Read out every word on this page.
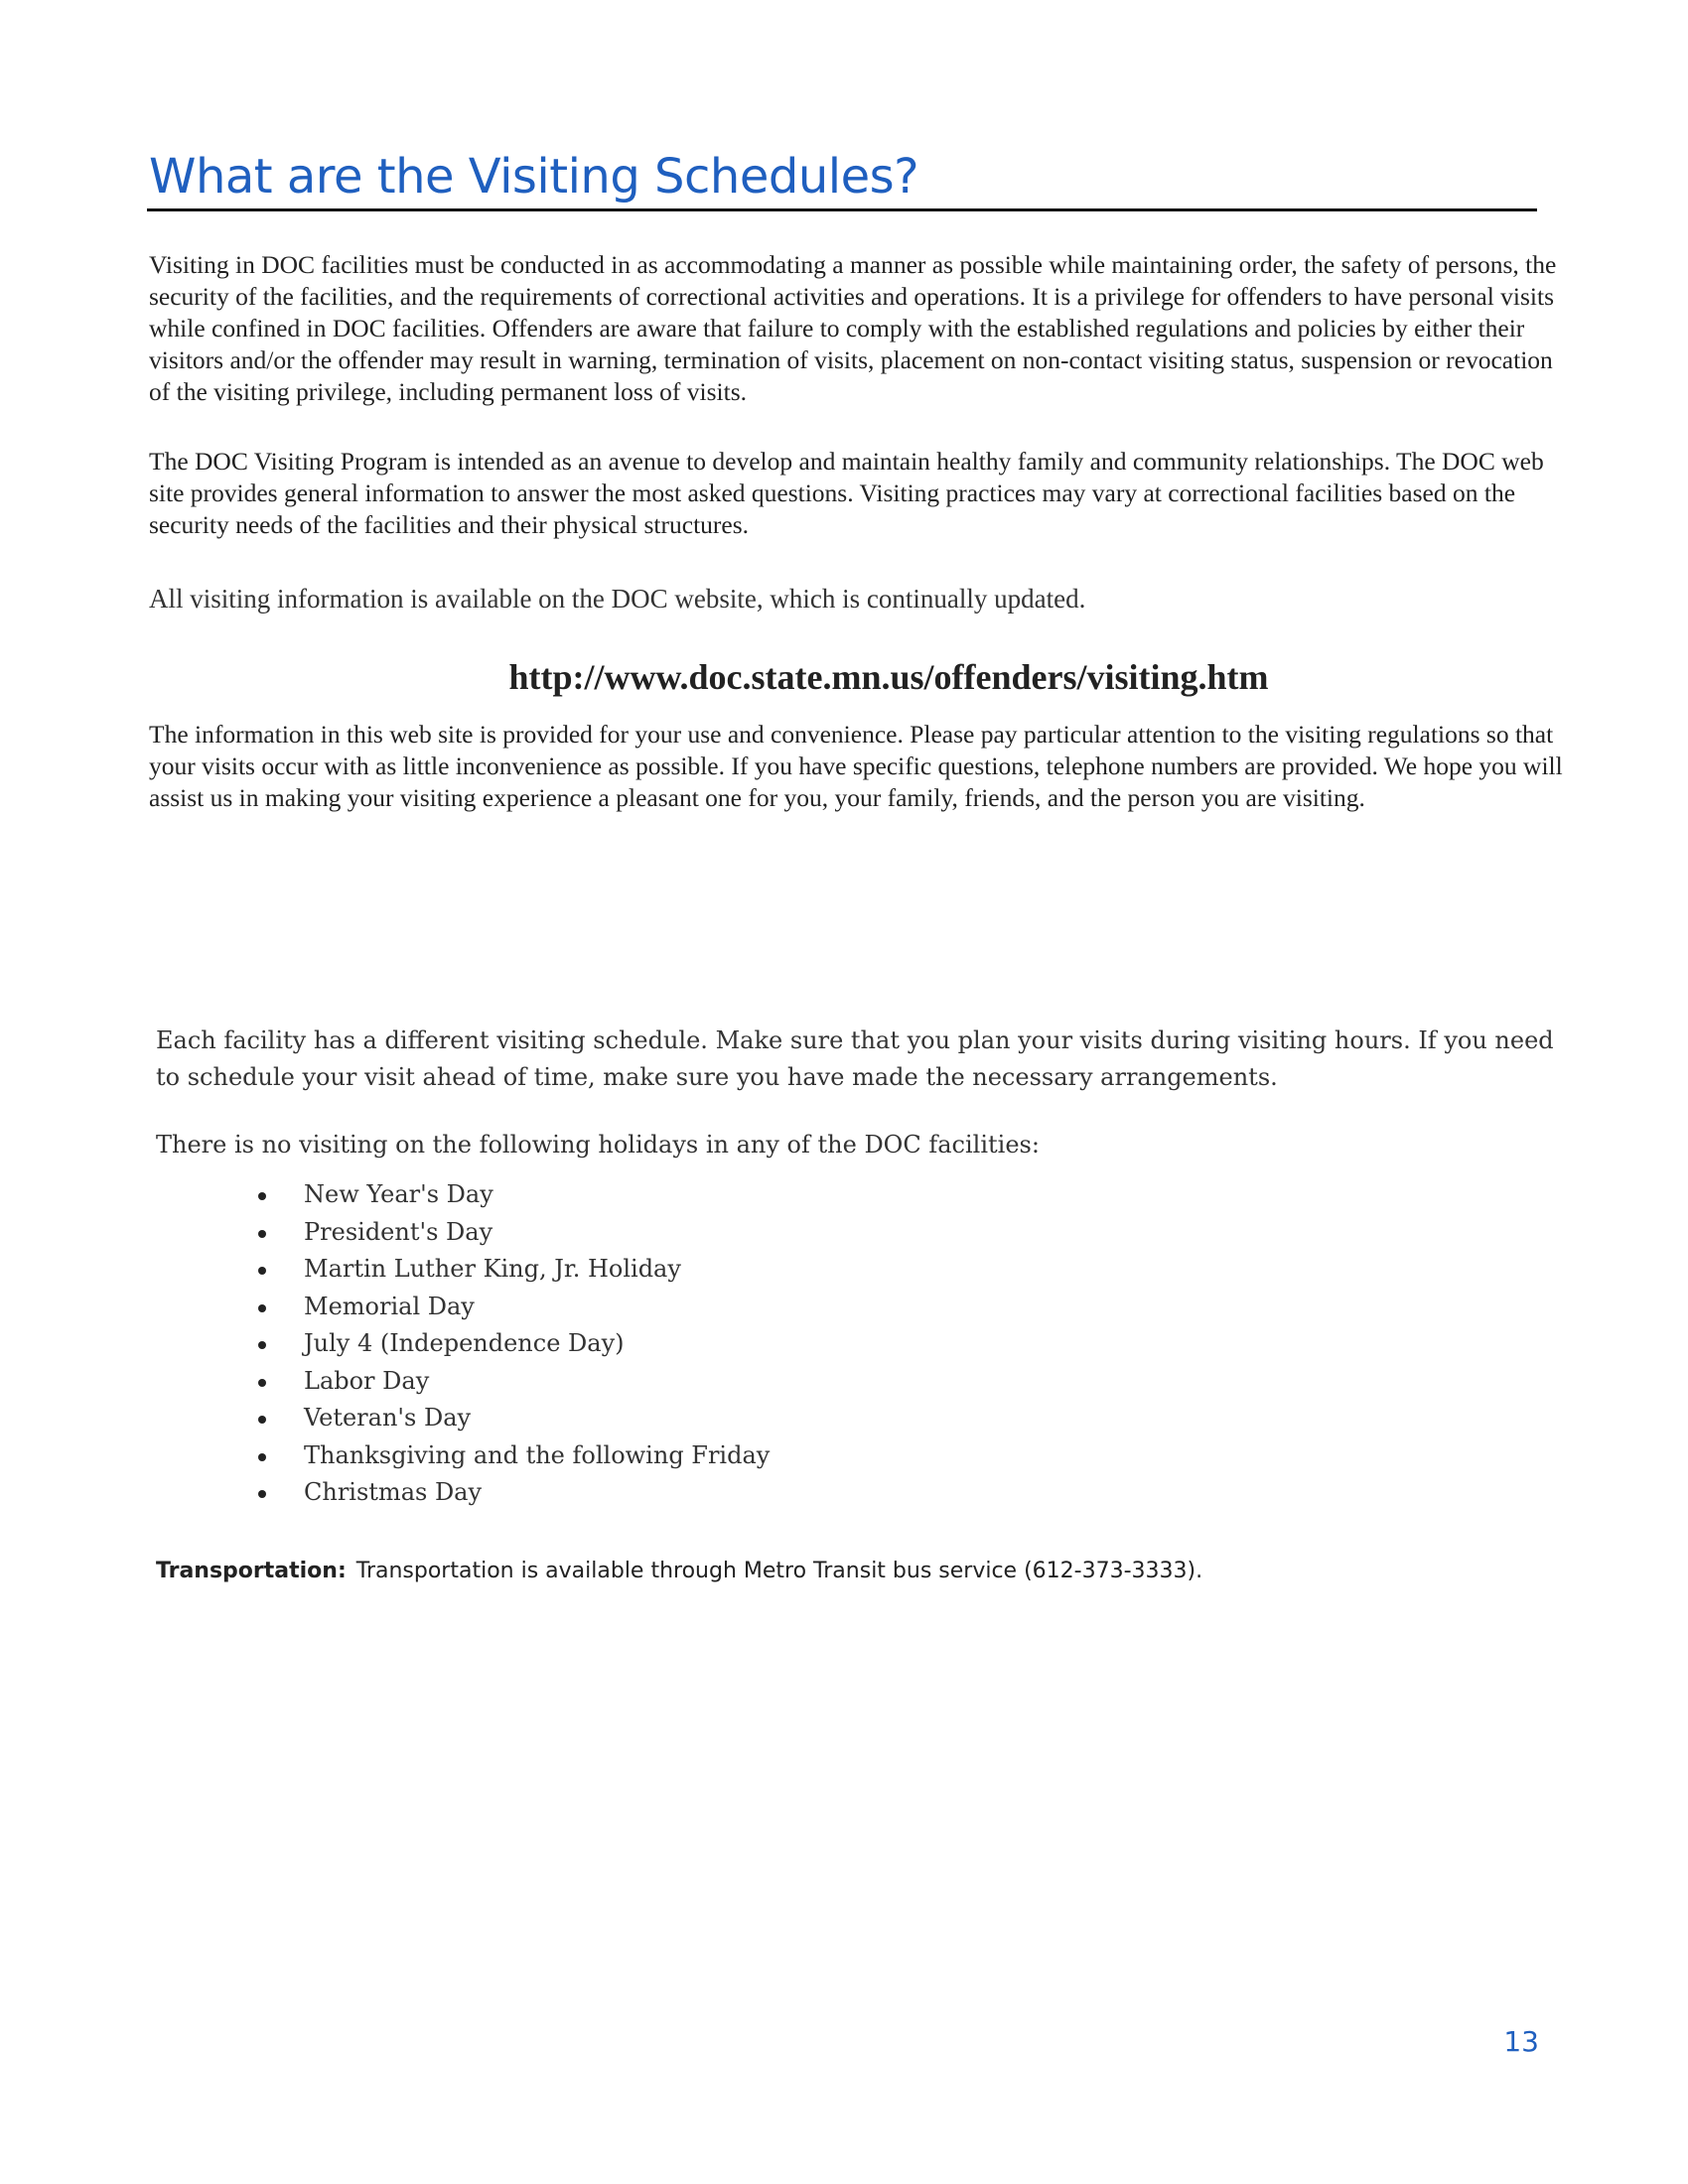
What are the Visiting Schedules?

Visiting in DOC facilities must be conducted in as accommodating a manner as possible while maintaining order, the safety of persons, the security of the facilities, and the requirements of correctional activities and operations. It is a privilege for offenders to have personal visits while confined in DOC facilities. Offenders are aware that failure to comply with the established regulations and policies by either their visitors and/or the offender may result in warning, termination of visits, placement on non-contact visiting status, suspension or revocation of the visiting privilege, including permanent loss of visits.

The DOC Visiting Program is intended as an avenue to develop and maintain healthy family and community relationships. The DOC web site provides general information to answer the most asked questions. Visiting practices may vary at correctional facilities based on the security needs of the facilities and their physical structures.

All visiting information is available on the DOC website, which is continually updated.

http://www.doc.state.mn.us/offenders/visiting.htm

The information in this web site is provided for your use and convenience. Please pay particular attention to the visiting regulations so that your visits occur with as little inconvenience as possible. If you have specific questions, telephone numbers are provided. We hope you will assist us in making your visiting experience a pleasant one for you, your family, friends, and the person you are visiting.

Each facility has a different visiting schedule. Make sure that you plan your visits during visiting hours. If you need to schedule your visit ahead of time, make sure you have made the necessary arrangements.

There is no visiting on the following holidays in any of the DOC facilities:

New Year's Day
President's Day
Martin Luther King, Jr. Holiday
Memorial Day
July 4 (Independence Day)
Labor Day
Veteran's Day
Thanksgiving and the following Friday
Christmas Day
Transportation: Transportation is available through Metro Transit bus service (612-373-3333).
13
